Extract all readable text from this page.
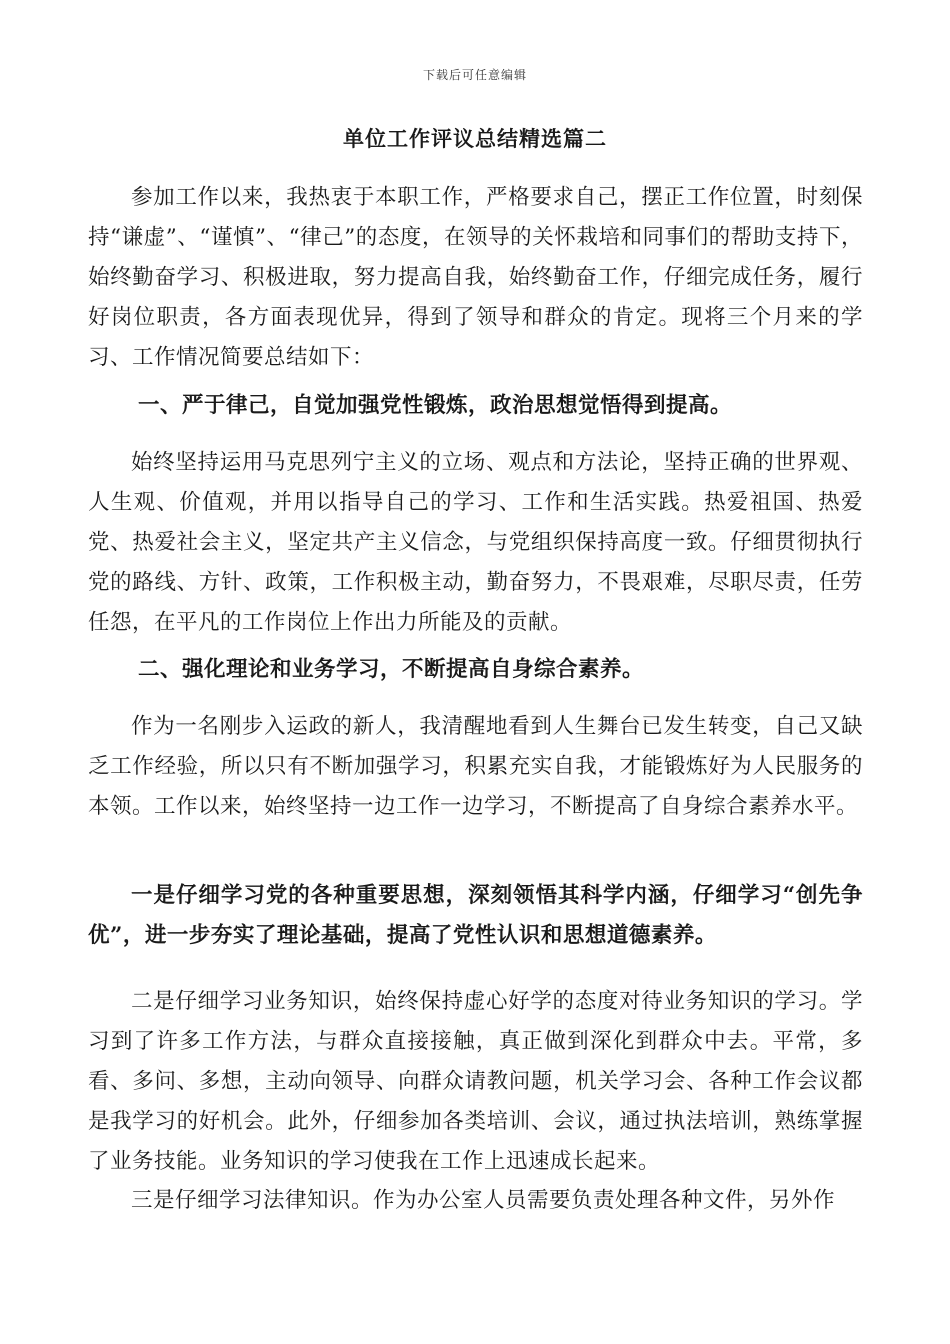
下载后可任意编辑
单位工作评议总结精选篇二
参加工作以来，我热衷于本职工作，严格要求自己，摆正工作位置，时刻保持“谦虚”、“谨慎”、“律己”的态度，在领导的关怀栽培和同事们的帮助支持下，始终勤奋学习、积极进取，努力提高自我，始终勤奋工作，仔细完成任务，履行好岗位职责，各方面表现优异，得到了领导和群众的肯定。现将三个月来的学习、工作情况简要总结如下：
一、严于律己，自觉加强党性锻炼，政治思想觉悟得到提高。
始终坚持运用马克思列宁主义的立场、观点和方法论，坚持正确的世界观、人生观、价值观，并用以指导自己的学习、工作和生活实践。热爱祖国、热爱党、热爱社会主义，坚定共产主义信念，与党组织保持高度一致。仔细贯彻执行党的路线、方针、政策，工作积极主动，勤奋努力，不畏艰难，尽职尽责，任劳任怨，在平凡的工作岗位上作出力所能及的贡献。
二、强化理论和业务学习，不断提高自身综合素养。
作为一名刚步入运政的新人，我清醒地看到人生舞台已发生转变，自己又缺乏工作经验，所以只有不断加强学习，积累充实自我，才能锻炼好为人民服务的本领。工作以来，始终坚持一边工作一边学习，不断提高了自身综合素养水平。
一是仔细学习党的各种重要思想，深刻领悟其科学内涵，仔细学习“创先争优”，进一步夯实了理论基础，提高了党性认识和思想道德素养。
二是仔细学习业务知识，始终保持虚心好学的态度对待业务知识的学习。学习到了许多工作方法，与群众直接接触，真正做到深化到群众中去。平常，多看、多问、多想，主动向领导、向群众请教问题，机关学习会、各种工作会议都是我学习的好机会。此外，仔细参加各类培训、会议，通过执法培训，熟练掌握了业务技能。业务知识的学习使我在工作上迅速成长起来。
三是仔细学习法律知识。作为办公室人员需要负责处理各种文件，另外作
